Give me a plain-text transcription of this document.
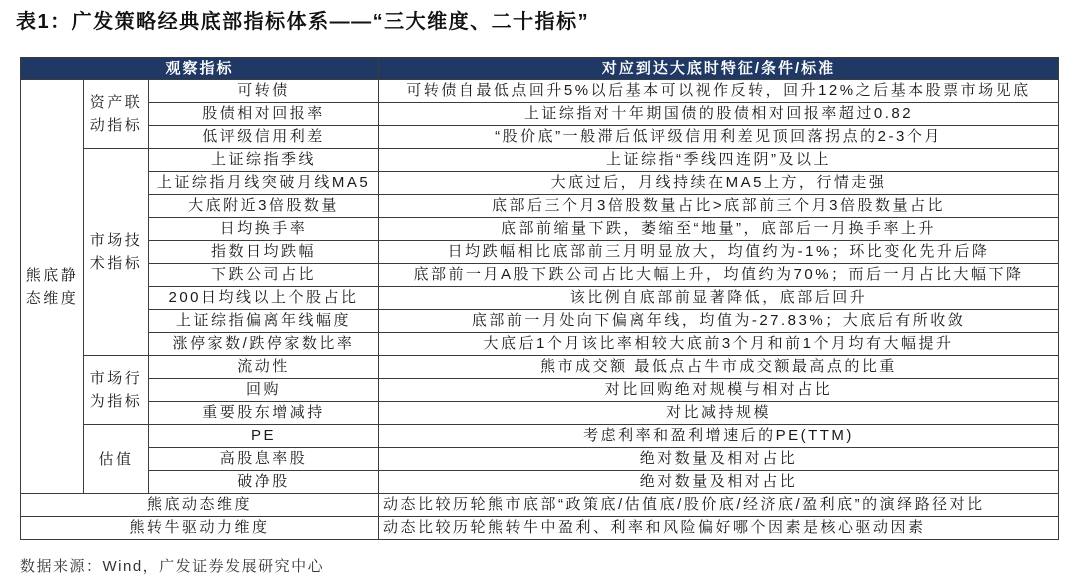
表1：广发策略经典底部指标体系——“三大维度、二十指标”
观察指标			对应到达大底时特征/条件/标准
熊底静态维度	资产联动指标	可转债	可转债自最低点回升5%以后基本可以视作反转，回升12%之后基本股票市场见底
		股债相对回报率	上证综指对十年期国债的股债相对回报率超过0.82
		低评级信用利差	“股价底”一般滞后低评级信用利差见顶回落拐点的2-3个月
	市场技术指标	上证综指季线	上证综指“季线四连阴”及以上
		上证综指月线突破月线MA5	大底过后，月线持续在MA5上方，行情走强
		大底附近3倍股数量	底部后三个月3倍股数量占比>底部前三个月3倍股数量占比
		日均换手率	底部前缩量下跌，萎缩至“地量”，底部后一月换手率上升
		指数日均跌幅	日均跌幅相比底部前三月明显放大，均值约为-1%；环比变化先升后降
		下跌公司占比	底部前一月A股下跌公司占比大幅上升，均值约为70%；而后一月占比大幅下降
		200日均线以上个股占比	该比例自底部前显著降低，底部后回升
		上证综指偏离年线幅度	底部前一月处向下偏离年线，均值为-27.83%；大底后有所收敛
		涨停家数/跌停家数比率	大底后1个月该比率相较大底前3个月和前1个月均有大幅提升
	市场行为指标	流动性	熊市成交额 最低点占牛市成交额最高点的比重
		回购	对比回购绝对规模与相对占比
		重要股东增减持	对比减持规模
	估值	PE	考虑利率和盈利增速后的PE(TTM)
		高股息率股	绝对数量及相对占比
		破净股	绝对数量及相对占比
熊底动态维度			动态比较历轮熊市底部“政策底/估值底/股价底/经济底/盈利底”的演绎路径对比
熊转牛驱动力维度			动态比较历轮熊转牛中盈利、利率和风险偏好哪个因素是核心驱动因素
数据来源：Wind，广发证券发展研究中心
